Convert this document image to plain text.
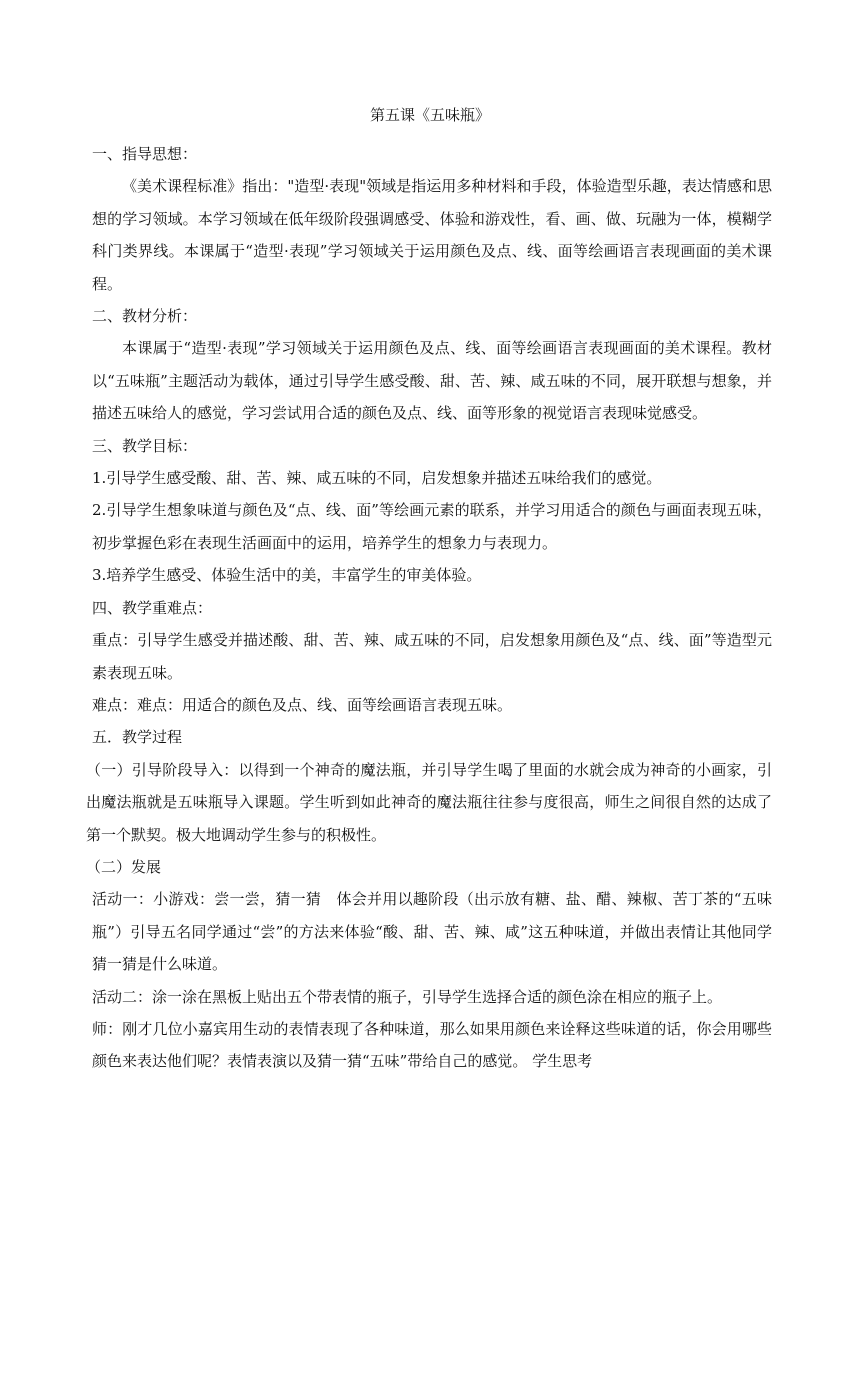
第五课《五味瓶》

一、指导思想：

《美术课程标准》指出："造型·表现"领域是指运用多种材料和手段，体验造型乐趣，表达情感和思想的学习领域。本学习领域在低年级阶段强调感受、体验和游戏性，看、画、做、玩融为一体，模糊学科门类界线。本课属于“造型·表现”学习领域关于运用颜色及点、线、面等绘画语言表现画面的美术课程。

二、教材分析：

本课属于“造型·表现”学习领域关于运用颜色及点、线、面等绘画语言表现画面的美术课程。教材以“五味瓶”主题活动为载体，通过引导学生感受酸、甜、苦、辣、咸五味的不同，展开联想与想象，并描述五味给人的感觉，学习尝试用合适的颜色及点、线、面等形象的视觉语言表现味觉感受。

三、教学目标：

1.引导学生感受酸、甜、苦、辣、咸五味的不同，启发想象并描述五味给我们的感觉。

2.引导学生想象味道与颜色及“点、线、面”等绘画元素的联系，并学习用适合的颜色与画面表现五味，初步掌握色彩在表现生活画面中的运用，培养学生的想象力与表现力。

3.培养学生感受、体验生活中的美，丰富学生的审美体验。

四、教学重难点：

重点：引导学生感受并描述酸、甜、苦、辣、咸五味的不同，启发想象用颜色及“点、线、面”等造型元素表现五味。

难点：难点：用适合的颜色及点、线、面等绘画语言表现五味。

五．教学过程

（一）引导阶段导入：以得到一个神奇的魔法瓶，并引导学生喝了里面的水就会成为神奇的小画家，引出魔法瓶就是五味瓶导入课题。学生听到如此神奇的魔法瓶往往参与度很高，师生之间很自然的达成了第一个默契。极大地调动学生参与的积极性。

（二）发展

活动一：小游戏：尝一尝，猜一猜　体会并用以趣阶段（出示放有糖、盐、醋、辣椒、苦丁茶的“五味瓶”）引导五名同学通过“尝”的方法来体验“酸、甜、苦、辣、咸”这五种味道，并做出表情让其他同学猜一猜是什么味道。

活动二：涂一涂在黑板上贴出五个带表情的瓶子，引导学生选择合适的颜色涂在相应的瓶子上。

师：刚才几位小嘉宾用生动的表情表现了各种味道，那么如果用颜色来诠释这些味道的话，你会用哪些颜色来表达他们呢？表情表演以及猜一猜“五味”带给自己的感觉。 学生思考
